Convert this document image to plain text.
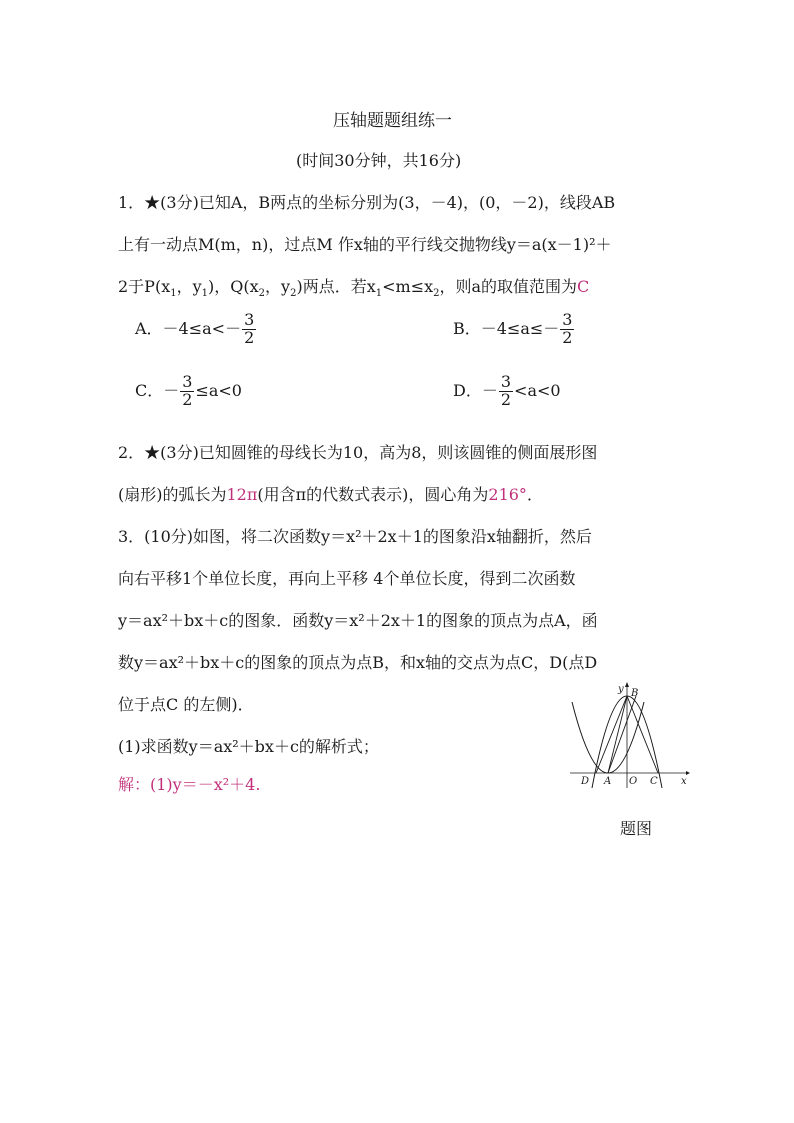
压轴题题组练一
(时间30分钟，共16分)
1．★(3分)已知A，B两点的坐标分别为(3，－4)，(0，－2)，线段AB
上有一动点M(m，n)，过点M 作x轴的平行线交抛物线y＝a(x－1)²＋
2于$P(x_1$，$y_1$)，$Q(x_2$，$y_2$)两点．若$x_1<m\le x_2$，则a的取值范围为C
A．$-4\le a<- \frac{3}{2}$	B．$-4\le a\le- \frac{3}{2}$
C．－ $\frac{3}{2} \le a<0$	D．－ $\frac{3}{2} <a<0$
2．★(3分)已知圆锥的母线长为10，高为8，则该圆锥的侧面展形图
(扇形)的弧长为12π(用含π的代数式表示)，圆心角为216°．
3．(10分)如图，将二次函数y＝x²＋2x＋1的图象沿x轴翻折，然后
向右平移1个单位长度，再向上平移 4个单位长度，得到二次函数
y＝ax²＋bx＋c的图象．函数y＝x²＋2x＋1的图象的顶点为点A，函
数y＝ax²＋bx＋c的图象的顶点为点B，和x轴的交点为点C，D(点D
位于点C 的左侧)．
(1)求函数y＝ax²＋bx＋c的解析式；
解：(1)y＝－x²＋4.
y B
x
D A O C
题图
